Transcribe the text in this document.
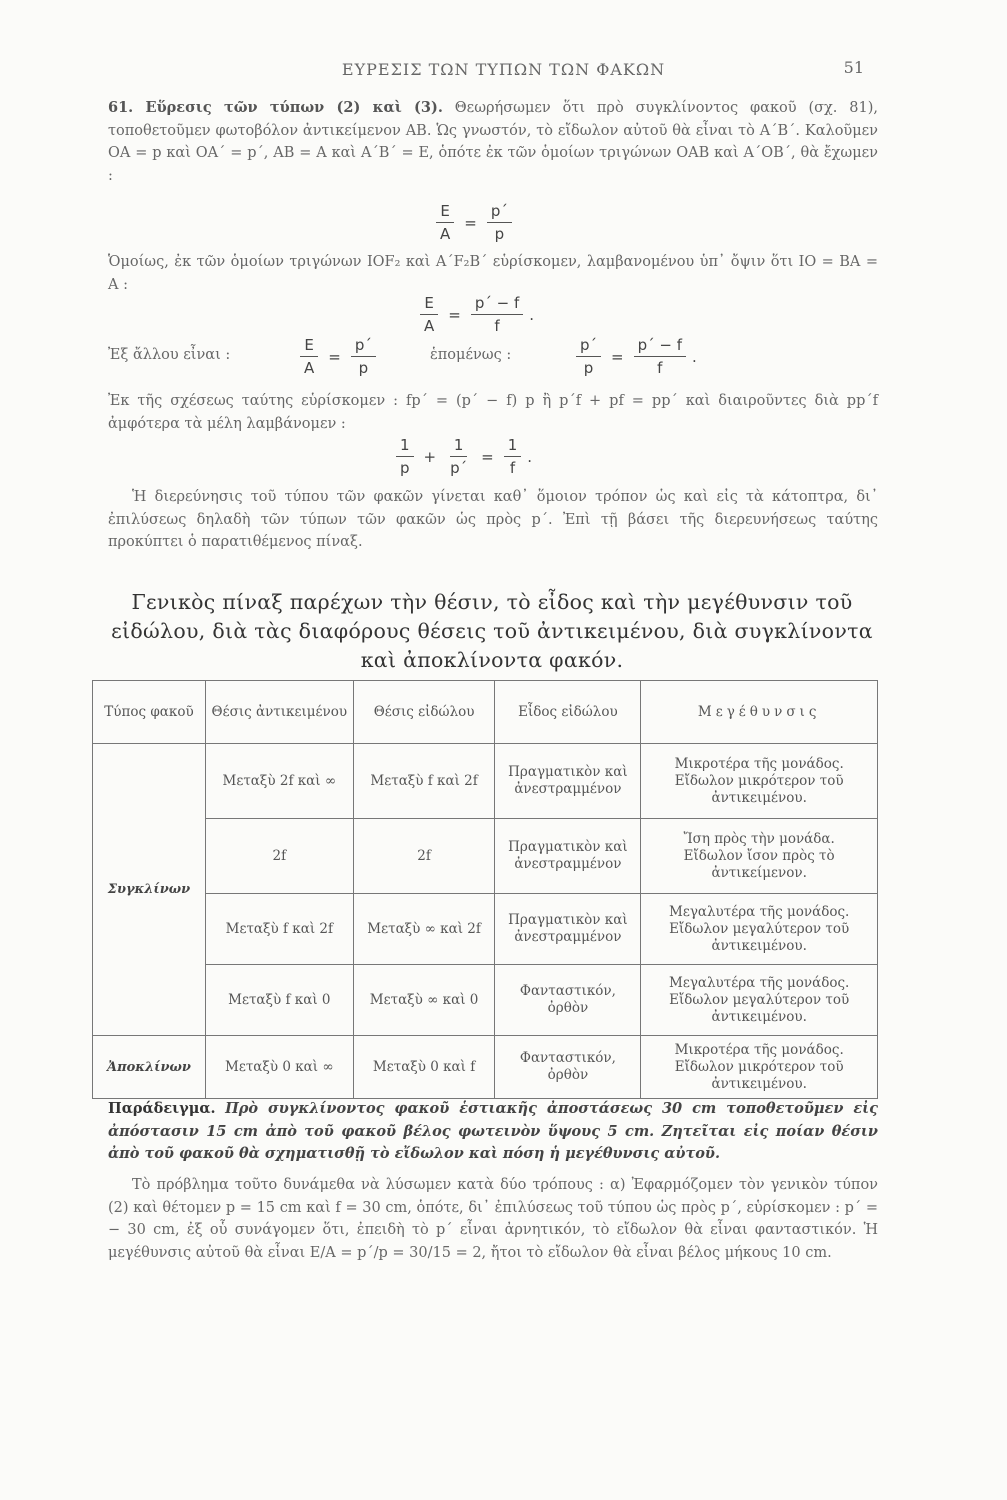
ΕΥΡΕΣΙΣ ΤΩΝ ΤΥΠΩΝ ΤΩΝ ΦΑΚΩΝ	51
61. Εὕρεσις τῶν τύπων (2) καὶ (3). Θεωρήσωμεν ὅτι πρὸ συγκλίνοντος φακοῦ (σχ. 81), τοποθετοῦμεν φωτοβόλον ἀντικείμενον ΑΒ. Ὡς γνωστόν, τὸ εἴδωλον αὐτοῦ θὰ εἶναι τὸ Α΄Β΄. Καλοῦμεν ΟΑ = p καὶ ΟΑ΄ = p΄, ΑΒ = Α καὶ Α΄Β΄ = Ε, ὁπότε ἐκ τῶν ὁμοίων τριγώνων ΟΑΒ καὶ Α΄ΟΒ΄, θὰ ἔχωμεν :
$\frac{E}{A} = \frac{p΄}{p}$
Ὁμοίως, ἐκ τῶν ὁμοίων τριγώνων IOF₂ καὶ Α΄F₂Β΄ εὑρίσκομεν, λαμβανομένου ὑπ᾽ ὄψιν ὅτι ΙΟ = ΒΑ = Α :
$\frac{E}{A} = \frac{p΄ - f}{f}$ .
Ἐξ ἄλλου εἶναι :	$\frac{E}{A} = \frac{p΄}{p}$	ἑπομένως :	$\frac{p΄}{p} = \frac{p΄ - f}{f}$ .
Ἐκ τῆς σχέσεως ταύτης εὑρίσκομεν : fp΄ = (p΄ − f) p ἢ p΄f + pf = pp΄ καὶ διαιροῦντες διὰ pp΄f ἀμφότερα τὰ μέλη λαμβάνομεν :
$\frac{1}{p} + \frac{1}{p΄} = \frac{1}{f}$ .
Ἡ διερεύνησις τοῦ τύπου τῶν φακῶν γίνεται καθ᾽ ὅμοιον τρόπον ὡς καὶ εἰς τὰ κάτοπτρα, δι᾽ ἐπιλύσεως δηλαδὴ τῶν τύπων τῶν φακῶν ὡς πρὸς p΄. Ἐπὶ τῇ βάσει τῆς διερευνήσεως ταύτης προκύπτει ὁ παρατιθέμενος πίναξ.
Γενικὸς πίναξ παρέχων τὴν θέσιν, τὸ εἶδος καὶ τὴν μεγέθυνσιν τοῦ
εἰδώλου, διὰ τὰς διαφόρους θέσεις τοῦ ἀντικειμένου, διὰ συγκλίνοντα
καὶ ἀποκλίνοντα φακόν.
Τύπος φακοῦ	Θέσις ἀντικειμένου	Θέσις εἰδώλου	Εἶδος εἰδώλου	Μεγέθυνσις
Συγκλίνων	Μεταξὺ 2f καὶ ∞	Μεταξὺ f καὶ 2f	Πραγματικὸν καὶ ἀνεστραμμένον	Μικροτέρα τῆς μονάδος.
Εἴδωλον μικρότερον τοῦ ἀντικειμένου.

	2f	2f	Πραγματικὸν καὶ ἀνεστραμμένον	Ἴση πρὸς τὴν μονάδα.
Εἴδωλον ἴσον πρὸς τὸ ἀντικείμενον.

	Μεταξὺ f καὶ 2f	Μεταξὺ ∞ καὶ 2f	Πραγματικὸν καὶ ἀνεστραμμένον	Μεγαλυτέρα τῆς μονάδος.
Εἴδωλον μεγαλύτερον τοῦ ἀντικειμένου.

	Μεταξὺ f καὶ 0	Μεταξὺ ∞ καὶ 0	Φανταστικόν, ὀρθὸν	Μεγαλυτέρα τῆς μονάδος.
Εἴδωλον μεγαλύτερον τοῦ ἀντικειμένου.

Ἀποκλίνων	Μεταξὺ 0 καὶ ∞	Μεταξὺ 0 καὶ f	Φανταστικόν, ὀρθὸν	Μικροτέρα τῆς μονάδος.
Εἴδωλον μικρότερον τοῦ ἀντικειμένου.
Παράδειγμα. Πρὸ συγκλίνοντος φακοῦ ἑστιακῆς ἀποστάσεως 30 cm τοποθετοῦμεν εἰς ἀπόστασιν 15 cm ἀπὸ τοῦ φακοῦ βέλος φωτεινὸν ὕψους 5 cm. Ζητεῖται εἰς ποίαν θέσιν ἀπὸ τοῦ φακοῦ θὰ σχηματισθῇ τὸ εἴδωλον καὶ πόση ἡ μεγέθυνσις αὐτοῦ.
Τὸ πρόβλημα τοῦτο δυνάμεθα νὰ λύσωμεν κατὰ δύο τρόπους : α) Ἐφαρμόζομεν τὸν γενικὸν τύπον (2) καὶ θέτομεν p = 15 cm καὶ f = 30 cm, ὁπότε, δι᾽ ἐπιλύσεως τοῦ τύπου ὡς πρὸς p΄, εὑρίσκομεν : p΄ = − 30 cm, ἐξ οὗ συνάγομεν ὅτι, ἐπειδὴ τὸ p΄ εἶναι ἀρνητικόν, τὸ εἴδωλον θὰ εἶναι φανταστικόν. Ἡ μεγέθυνσις αὐτοῦ θὰ εἶναι Ε/Α = p΄/p = 30/15 = 2, ἤτοι τὸ εἴδωλον θὰ εἶναι βέλος μήκους 10 cm.
